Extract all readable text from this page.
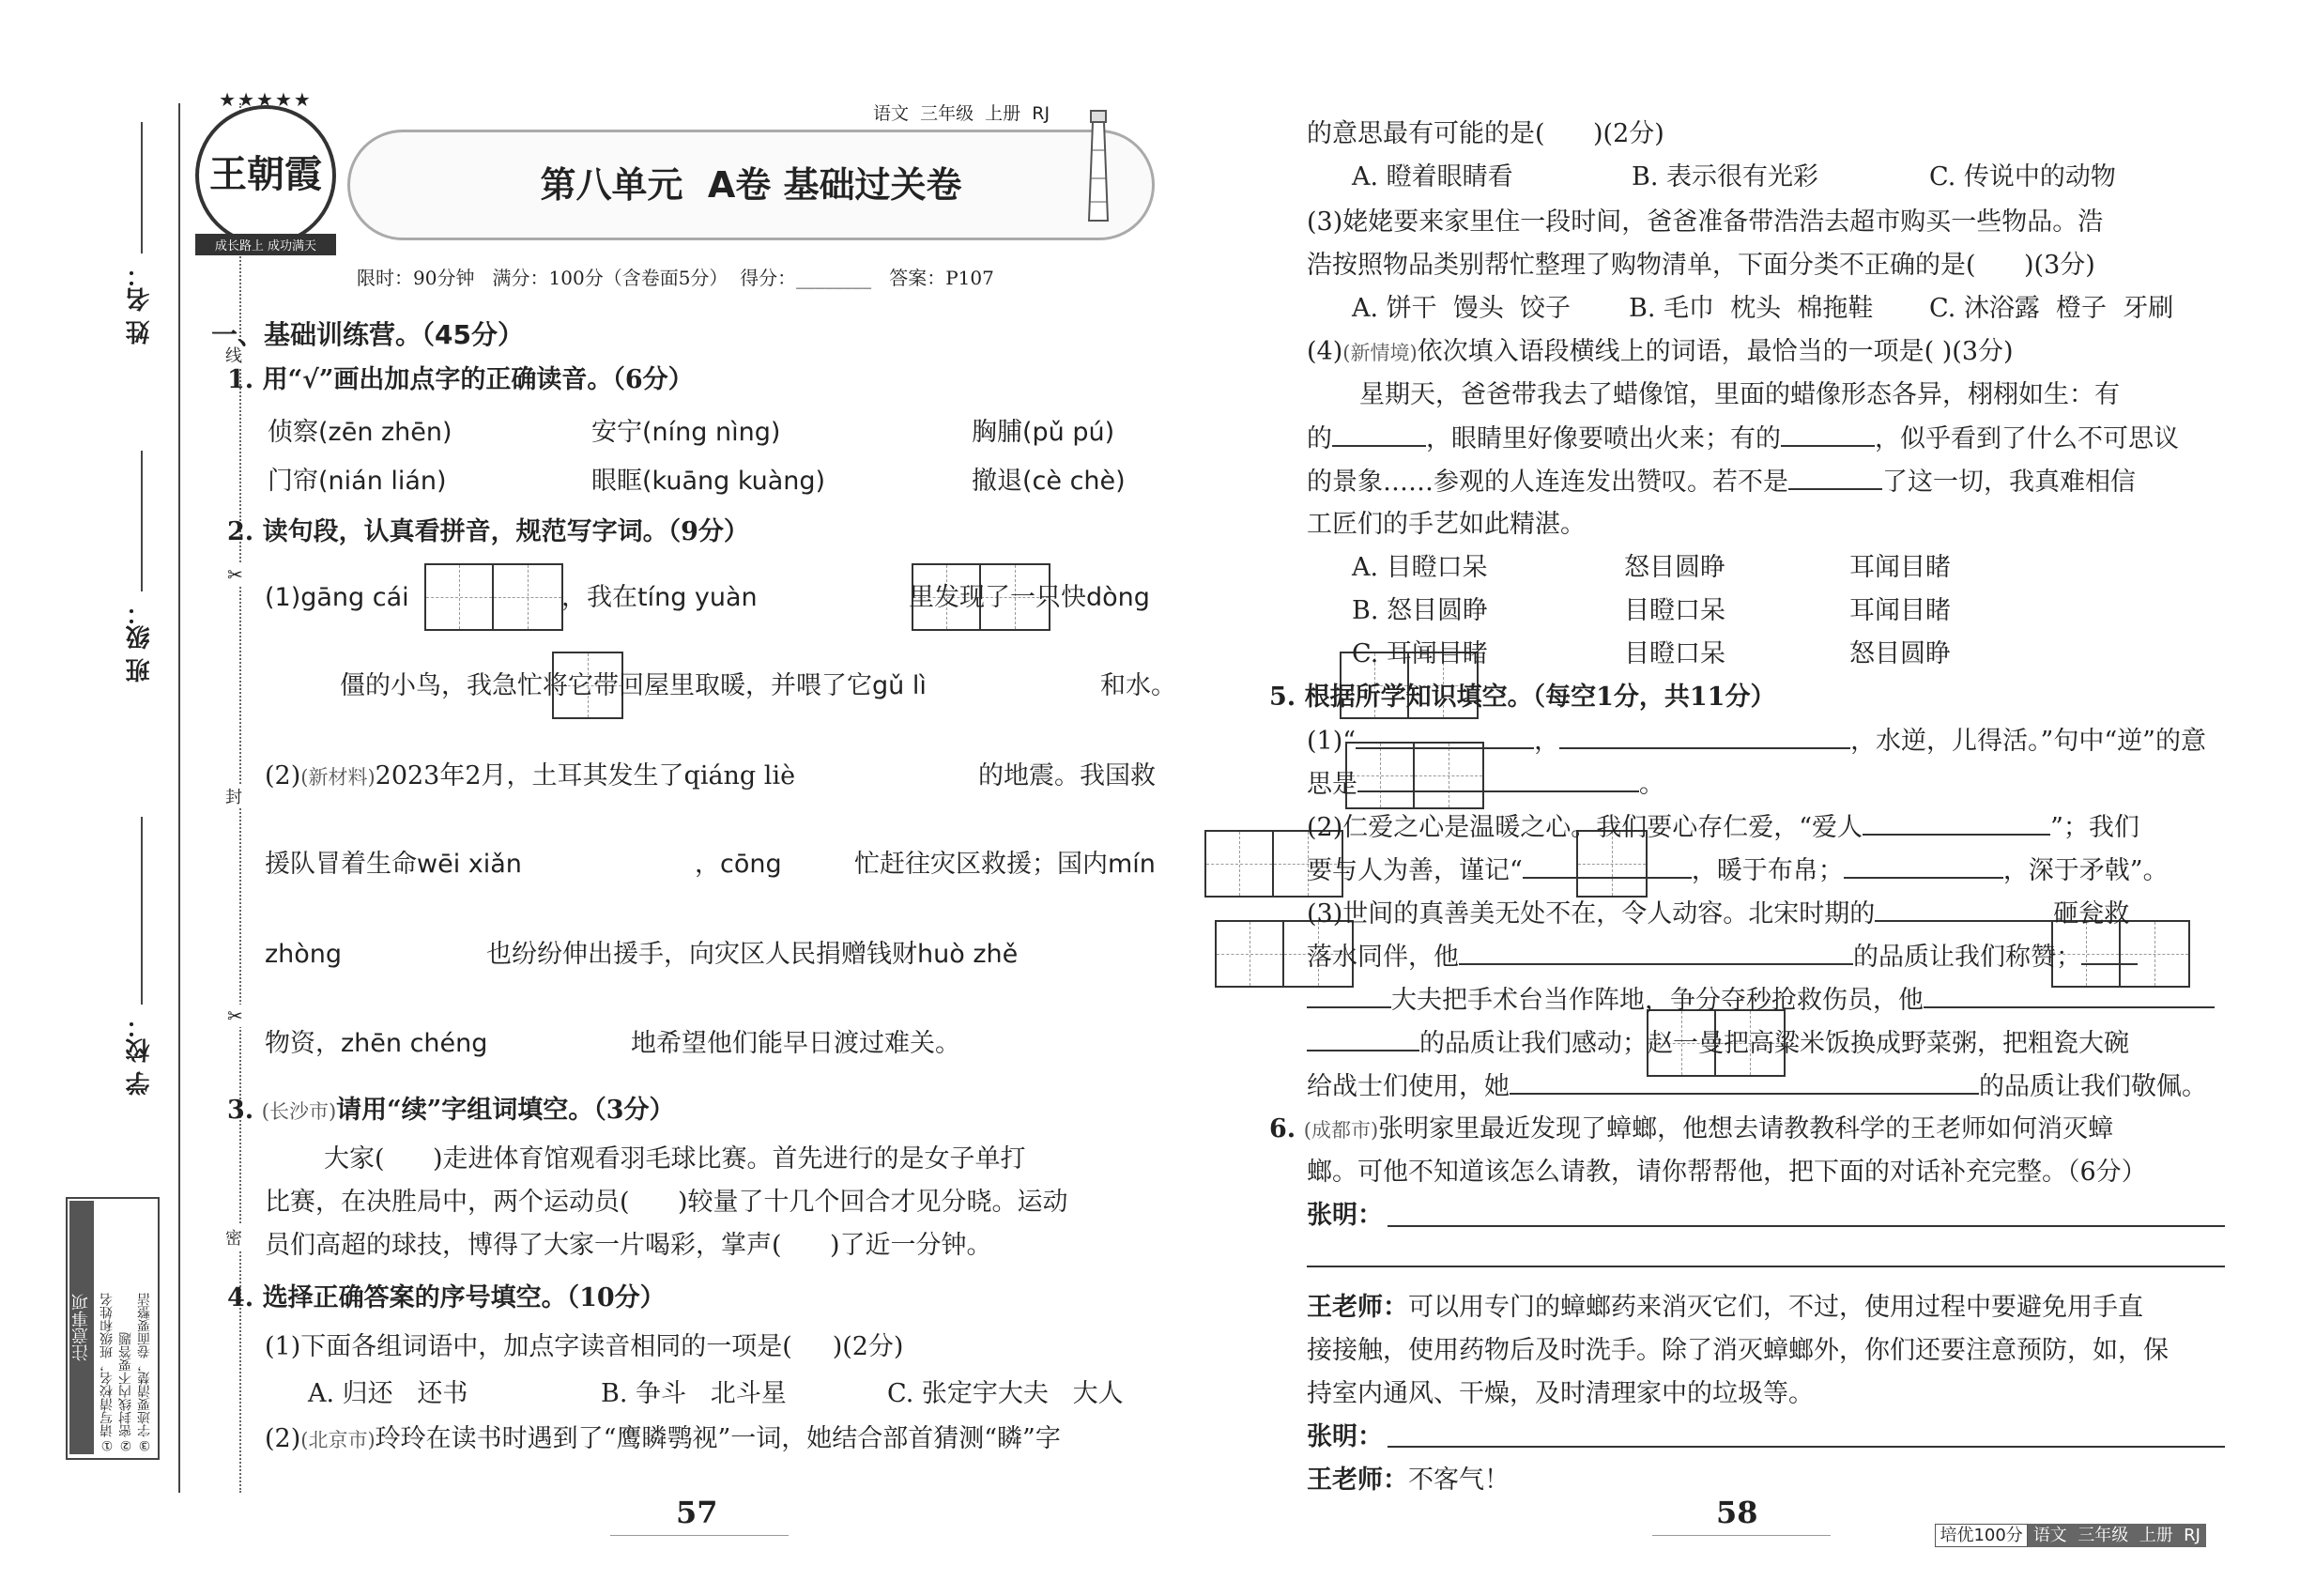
姓 名：
班 级：
学 校：
线
封
密
✂
✂
注意事项 ①请写清校名，班级和姓名 ②密封线内不要答题 ③字迹要清楚，卷面要整洁
★★★★★
王朝霞
成长路上 成功满天
语文  三年级  上册  RJ
第八单元  A卷 基础过关卷
限时：90分钟   满分：100分（含卷面5分）  得分：________   答案：P107
一、基础训练营。（45分）
1. 用“√”画出加点字的正确读音。（6分）
侦察(zēn zhēn)	安宁(níng nìng)	胸脯(pǔ pú)
门帘(nián lián)	眼眶(kuāng kuàng)	撤退(cè chè)
2. 读句段，认真看拼音，规范写字词。（9分）
(1)gāng cái
	，我在tíng yuàn
	里发现了一只快dòng

僵的小鸟，我急忙将它带回屋里取暖，并喂了它gǔ lì
	和水。
(2)(新材料)2023年2月，土耳其发生了qiáng liè
	的地震。我国救
援队冒着生命wēi xiǎn
	，cōng
	忙赶往灾区救援；国内mín
zhòng
	也纷纷伸出援手，向灾区人民捐赠钱财huò zhě

物资，zhēn chéng	地希望他们能早日渡过难关。
3. (长沙市)请用“续”字组词填空。（3分）
大家(      )走进体育馆观看羽毛球比赛。首先进行的是女子单打
比赛，在决胜局中，两个运动员(      )较量了十几个回合才见分晓。运动
员们高超的球技，博得了大家一片喝彩，掌声(      )了近一分钟。
4. 选择正确答案的序号填空。（10分）
(1)下面各组词语中，加点字读音相同的一项是(     )(2分)
A. 归还   还书	B. 争斗   北斗星	C. 张定宇大夫   大人
(2)(北京市)玲玲在读书时遇到了“鹰瞵鹗视”一词，她结合部首猜测“瞵”字
57
的意思最有可能的是(      )(2分)
A. 瞪着眼睛看	B. 表示很有光彩	C. 传说中的动物
(3)姥姥要来家里住一段时间，爸爸准备带浩浩去超市购买一些物品。浩
浩按照物品类别帮忙整理了购物清单，下面分类不正确的是(      )(3分)
A. 饼干  馒头  饺子 B. 毛巾  枕头  棉拖鞋 C. 沐浴露  橙子  牙刷
(4)(新情境)依次填入语段横线上的词语，最恰当的一项是( )(3分)
星期天，爸爸带我去了蜡像馆，里面的蜡像形态各异，栩栩如生：有
的	，眼睛里好像要喷出火来；有的	，似乎看到了什么不可思议
的景象……参观的人连连发出赞叹。若不是	了这一切，我真难相信
工匠们的手艺如此精湛。
A. 目瞪口呆	怒目圆睁	耳闻目睹
B. 怒目圆睁	目瞪口呆	耳闻目睹
C. 耳闻目睹	目瞪口呆	怒目圆睁
5. 根据所学知识填空。（每空1分，共11分）
(1)“	，	，水逆，儿得活。”句中“逆”的意
思是	。
(2)仁爱之心是温暖之心。我们要心存仁爱，“爱人	”；我们
要与人为善，谨记“	，暖于布帛；	，深于矛戟”。
(3)世间的真善美无处不在，令人动容。北宋时期的	砸瓮救
落水同伴，他	的品质让我们称赞；
大夫把手术台当作阵地，争分夺秒抢救伤员，他
的品质让我们感动；赵一曼把高粱米饭换成野菜粥，把粗瓷大碗
给战士们使用，她	的品质让我们敬佩。
6. (成都市)张明家里最近发现了蟑螂，他想去请教教科学的王老师如何消灭蟑
螂。可他不知道该怎么请教，请你帮帮他，把下面的对话补充完整。（6分）
张明：
王老师：可以用专门的蟑螂药来消灭它们，不过，使用过程中要避免用手直
接接触，使用药物后及时洗手。除了消灭蟑螂外，你们还要注意预防，如，保
持室内通风、干燥，及时清理家中的垃圾等。
张明：
王老师：不客气！
58

培优100分 语文  三年级  上册  RJ
